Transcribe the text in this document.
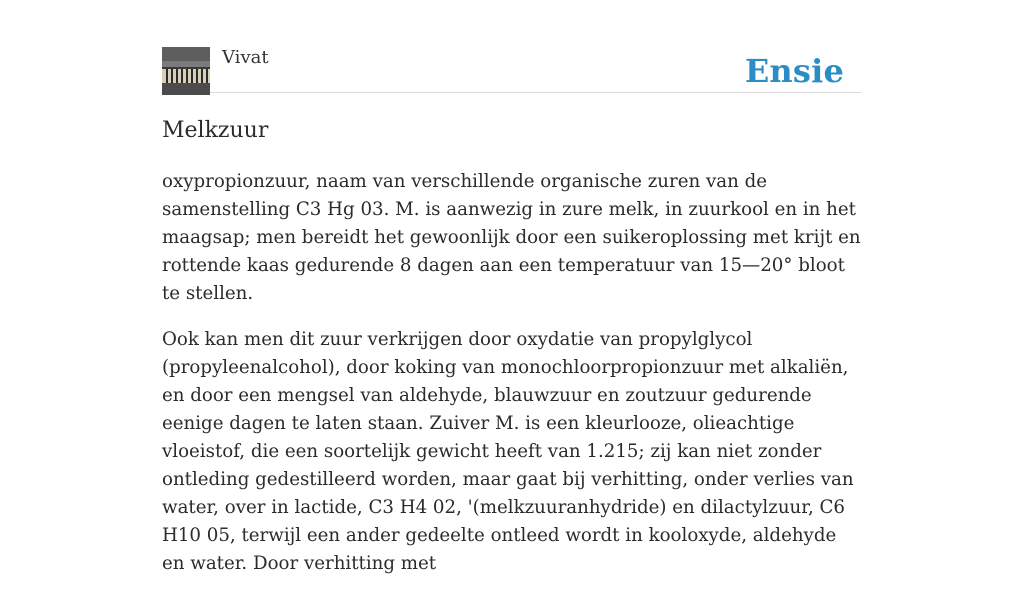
Vivat	Ensie
Melkzuur

oxypropionzuur, naam van verschillende organische zuren van de samenstelling C3 Hg 03. M. is aanwezig in zure melk, in zuurkool en in het maagsap; men bereidt het gewoonlijk door een suikeroplossing met krijt en rottende kaas gedurende 8 dagen aan een temperatuur van 15—20° bloot te stellen.

Ook kan men dit zuur verkrijgen door oxydatie van propylglycol (propyleenalcohol), door koking van monochloorpropionzuur met alkaliën, en door een mengsel van aldehyde, blauwzuur en zoutzuur gedurende eenige dagen te laten staan. Zuiver M. is een kleurlooze, olieachtige vloeistof, die een soortelijk gewicht heeft van 1.215; zij kan niet zonder ontleding gedestilleerd worden, maar gaat bij verhitting, onder verlies van water, over in lactide, C3 H4 02, '(melkzuuranhydride) en dilactylzuur, C6 H10 05, terwijl een ander gedeelte ontleed wordt in kooloxyde, aldehyde en water. Door verhitting met
